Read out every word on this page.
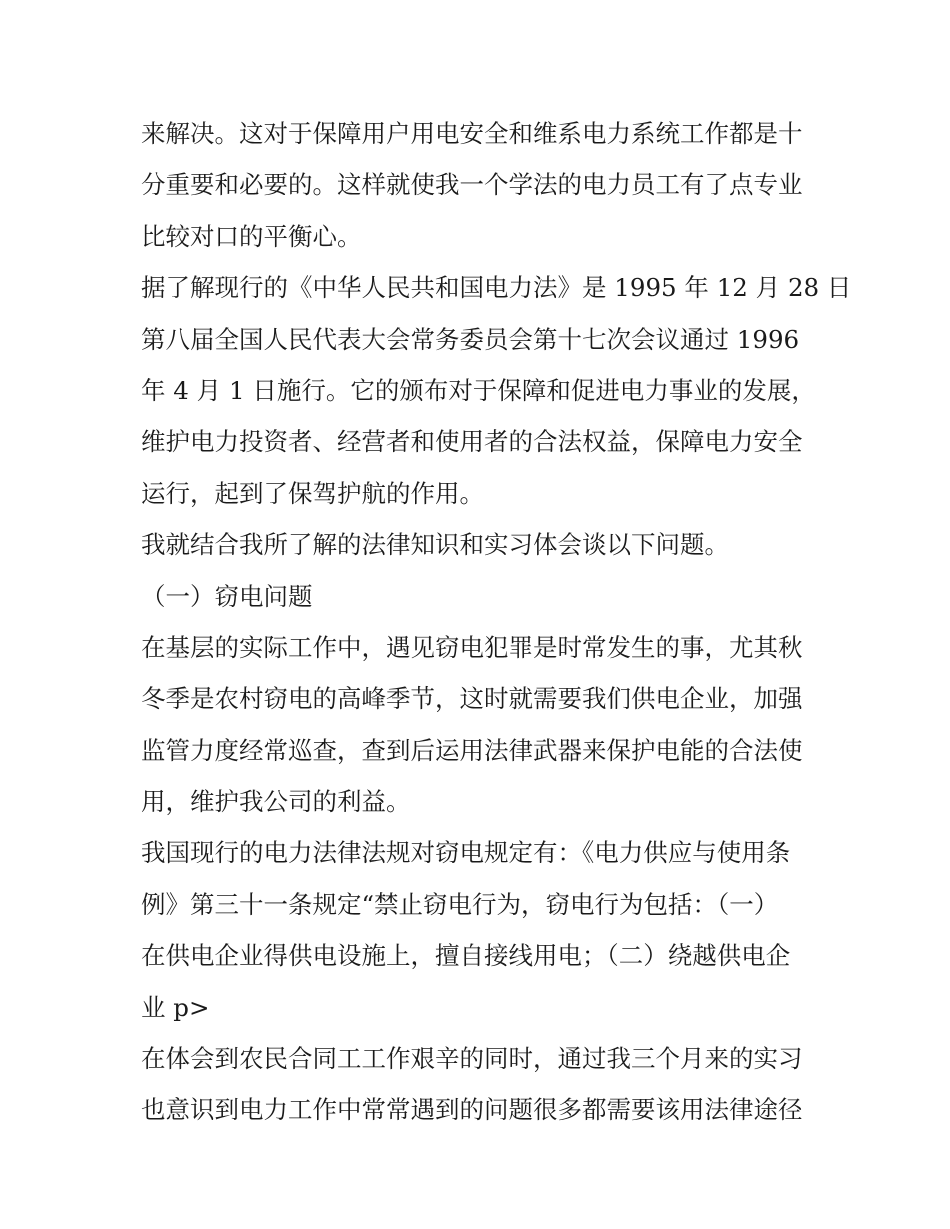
来解决。这对于保障用户用电安全和维系电力系统工作都是十
分重要和必要的。这样就使我一个学法的电力员工有了点专业
比较对口的平衡心。
据了解现行的《中华人民共和国电力法》是 1995 年 12 月 28 日
第八届全国人民代表大会常务委员会第十七次会议通过 1996
年 4 月 1 日施行。它的颁布对于保障和促进电力事业的发展，
维护电力投资者、经营者和使用者的合法权益，保障电力安全
运行，起到了保驾护航的作用。
我就结合我所了解的法律知识和实习体会谈以下问题。
（一）窃电问题
在基层的实际工作中，遇见窃电犯罪是时常发生的事，尤其秋
冬季是农村窃电的高峰季节，这时就需要我们供电企业，加强
监管力度经常巡查，查到后运用法律武器来保护电能的合法使
用，维护我公司的利益。
我国现行的电力法律法规对窃电规定有：《电力供应与使用条
例》第三十一条规定“禁止窃电行为，窃电行为包括：（一）
在供电企业得供电设施上，擅自接线用电；（二）绕越供电企
业 p>
在体会到农民合同工工作艰辛的同时，通过我三个月来的实习
也意识到电力工作中常常遇到的问题很多都需要该用法律途径
